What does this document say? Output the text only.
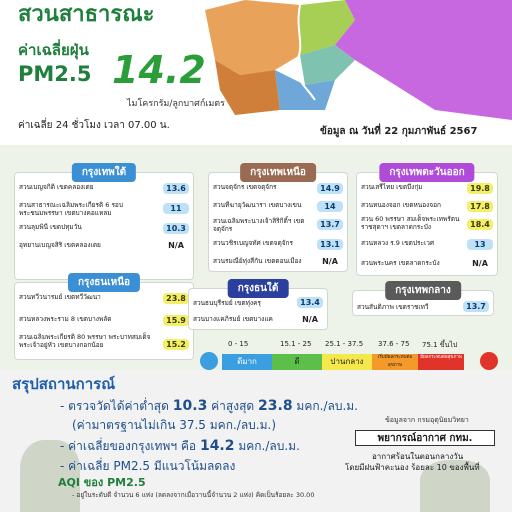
สวนสาธารณะ
ค่าเฉลี่ยฝุ่น
PM2.5 14.2
ไมโครกรัม/ลูกบาศก์เมตร
ค่าเฉลี่ย 24 ชั่วโมง เวลา 07.00 น.
ข้อมูล ณ วันที่ 22 กุมภาพันธ์ 2567
กรุงเทพใต้
สวนเบญจกิติ เขตคลองเตย	13.6
สวนสาธารณะเฉลิมพระเกียรติ 6 รอบ พระชนมพรรษา เขตบางคอแหลม	11
สวนลุมพินี เขตปทุมวัน	10.3
อุทยานเบญจสิริ เขตคลองเตย	N/A
กรุงธนเหนือ
สวนทวีวนารมย์ เขตทวีวัฒนา	23.8
สวนหลวงพระราม 8 เขตบางพลัด	15.9
สวนเฉลิมพระเกียรติ 80 พรรษา พระบาทสมเด็จพระเจ้าอยู่หัว เขตบางกอกน้อย	15.2
กรุงเทพเหนือ
สวนจตุจักร เขตจตุจักร	14.9
สวนทีฆายุวัฒนารา เขตบางเขน	14
สวนเฉลิมพระนางเจ้าสิริกิติ์ฯ เขตจตุจักร	13.7
สวนวชิรเบญจทัศ เขตจตุจักร	13.1
สวนรมณีย์ทุ่งสีกัน เขตดอนเมือง	N/A
กรุงธนใต้
สวนธนบุรีรมย์ เขตทุ่งครุ	13.4
สวนบางแคภิรมย์ เขตบางแค	N/A
กรุงเทพตะวันออก
สวนเสรีไทย เขตบึงกุ่ม	19.8
สวนหนองจอก เขตหนองจอก	17.8
สวน 60 พรรษา สมเด็จพระเทพรัตนราชสุดาฯ เขตลาดกระบัง	18.4
สวนหลวง ร.9 เขตประเวศ	13
สวนพระนคร เขตลาดกระบัง	N/A
กรุงเทพกลาง
สวนสันติภาพ เขตราชเทวี	13.7
0 - 15	15.1 - 25 25.1 - 37.5 37.6 - 75 75.1 ขึ้นไป
ดีมาก	ดี	ปานกลาง	เริ่มมีผลกระทบต่อสุขภาพ
มีผลกระทบต่อสุขภาพ
สรุปสถานการณ์
- ตรวจวัดได้ค่าต่ำสุด 10.3 ค่าสูงสุด 23.8 มคก./ลบ.ม.
(ค่ามาตรฐานไม่เกิน 37.5 มคก./ลบ.ม.)
- ค่าเฉลี่ยของกรุงเทพฯ คือ 14.2 มคก./ลบ.ม.
- ค่าเฉลี่ย PM2.5 มีแนวโน้มลดลง
AQI ของ PM2.5
- อยู่ในระดับดี จำนวน 6 แห่ง (ลดลงจากเมื่อวานนี้จำนวน 2 แห่ง) คิดเป็นร้อยละ 30.00
ข้อมูลจาก กรมอุตุนิยมวิทยา
พยากรณ์อากาศ กทม.
อากาศร้อนในตอนกลางวัน
โดยมีฝนฟ้าคะนอง ร้อยละ 10 ของพื้นที่
